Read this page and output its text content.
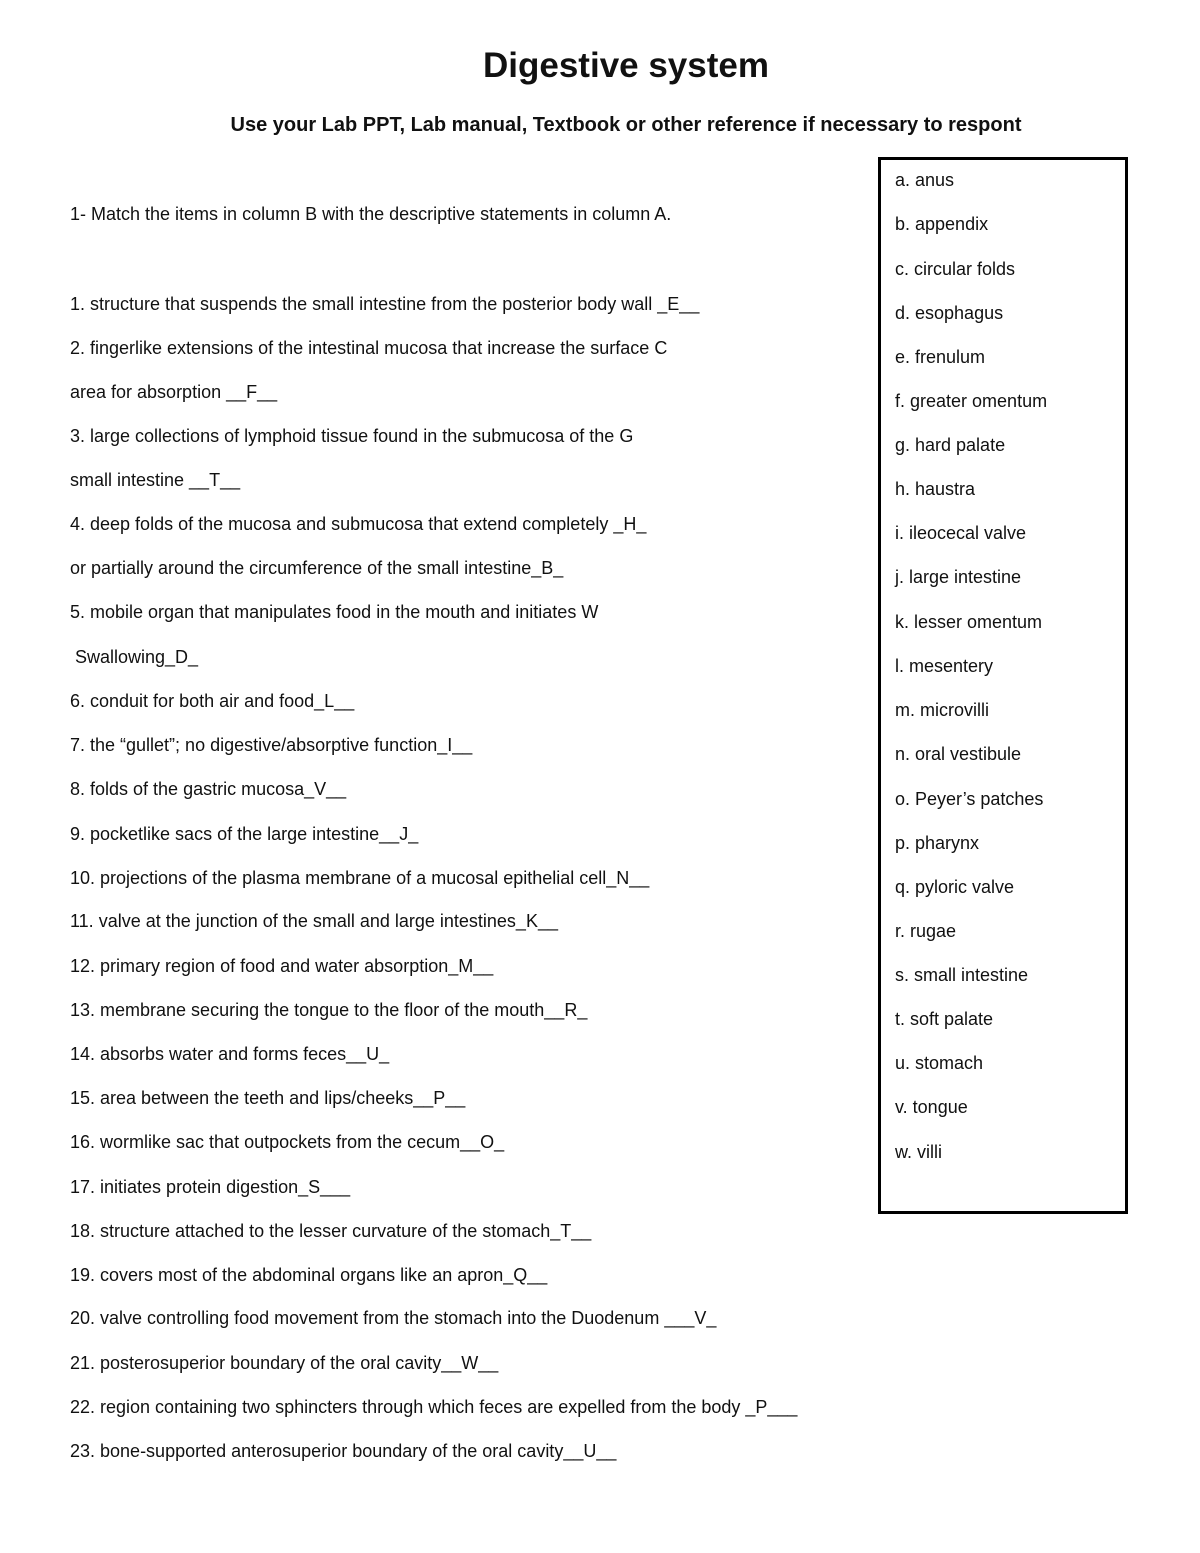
Digestive system

Use your Lab PPT, Lab manual, Textbook or other reference if necessary to respont

1- Match the items in column B with the descriptive statements in column A.

1. structure that suspends the small intestine from the posterior body wall _E__

2. fingerlike extensions of the intestinal mucosa that increase the surface C

area for absorption __F__

3. large collections of lymphoid tissue found in the submucosa of the G

small intestine __T__

4. deep folds of the mucosa and submucosa that extend completely _H_

or partially around the circumference of the small intestine_B_

5. mobile organ that manipulates food in the mouth and initiates W

Swallowing_D_

6. conduit for both air and food_L__

7. the “gullet”; no digestive/absorptive function_I__

8. folds of the gastric mucosa_V__

9. pocketlike sacs of the large intestine__J_

10. projections of the plasma membrane of a mucosal epithelial cell_N__

11. valve at the junction of the small and large intestines_K__

12. primary region of food and water absorption_M__

13. membrane securing the tongue to the floor of the mouth__R_

14. absorbs water and forms feces__U_

15. area between the teeth and lips/cheeks__P__

16. wormlike sac that outpockets from the cecum__O_

17. initiates protein digestion_S___

18. structure attached to the lesser curvature of the stomach_T__

19. covers most of the abdominal organs like an apron_Q__

20. valve controlling food movement from the stomach into the Duodenum ___V_

21. posterosuperior boundary of the oral cavity__W__

22. region containing two sphincters through which feces are expelled from the body _P___

23. bone-supported anterosuperior boundary of the oral cavity__U__

a. anus

b. appendix

c. circular folds

d. esophagus

e. frenulum

f. greater omentum

g. hard palate

h. haustra

i. ileocecal valve

j. large intestine

k. lesser omentum

l. mesentery

m. microvilli

n. oral vestibule

o. Peyer’s patches

p. pharynx

q. pyloric valve

r. rugae

s. small intestine

t. soft palate

u. stomach

v. tongue

w. villi
